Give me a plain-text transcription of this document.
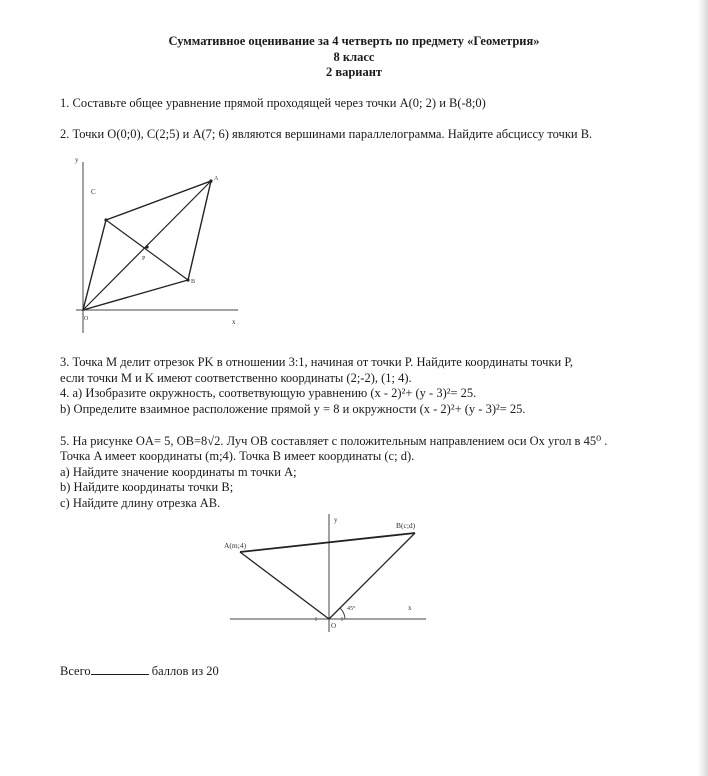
Суммативное оценивание за 4 четверть по предмету «Геометрия»
8 класс
2 вариант
1. Составьте общее уравнение прямой проходящей через точки A(0; 2) и B(-8;0)
2. Точки O(0;0), C(2;5) и A(7; 6) являются вершинами параллелограмма. Найдите абсциссу точки B.
y
x
C
A
B
P
O
3. Точка M делит отрезок PK в отношении 3:1, начиная от точки P. Найдите координаты точки P,
если точки M и K имеют соответственно координаты (2;-2), (1; 4).
4. а) Изобразите окружность, соответвующую уравнению (x - 2)²+ (y - 3)²= 25.
b) Определите взаимное расположение прямой y = 8 и окружности (x - 2)²+ (y - 3)²= 25.
5. На рисунке OA= 5, OB=8√2. Луч OB составляет с положительным направлением оси Ox угол в 45⁰ .
Точка A имеет координаты (m;4). Точка B имеет координаты (c; d).
a) Найдите значение координаты m точки A;
b) Найдите координаты точки B;
c) Найдите длину отрезка AB.
y
x
A(m;4)
B(c;d)
O
45°
Всего	баллов из 20
